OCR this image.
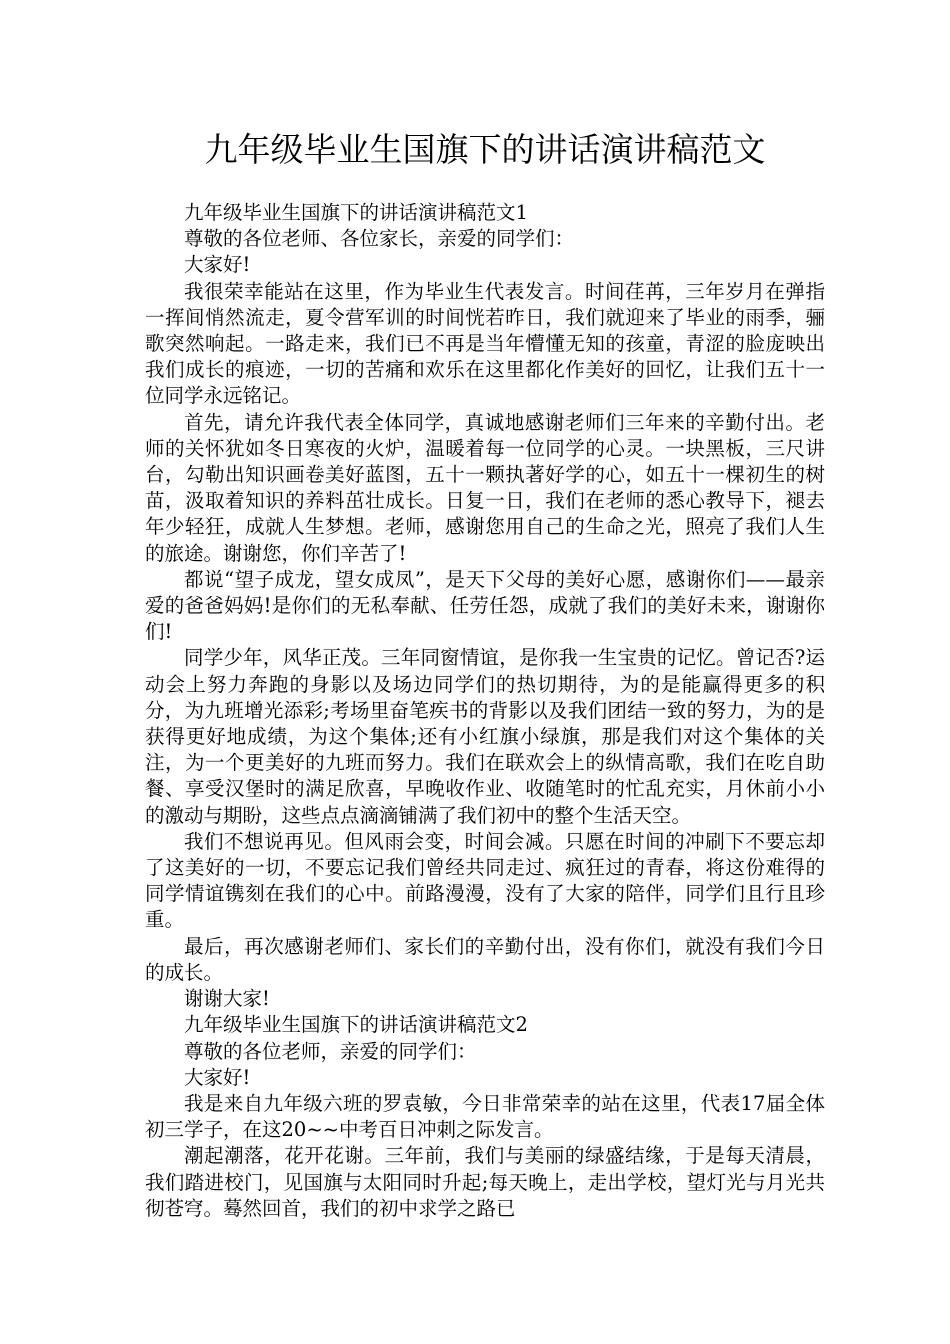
九年级毕业生国旗下的讲话演讲稿范文

九年级毕业生国旗下的讲话演讲稿范文1

尊敬的各位老师、各位家长，亲爱的同学们：

大家好!

我很荣幸能站在这里，作为毕业生代表发言。时间荏苒，三年岁月在弹指一挥间悄然流走，夏令营军训的时间恍若昨日，我们就迎来了毕业的雨季，骊歌突然响起。一路走来，我们已不再是当年懵懂无知的孩童，青涩的脸庞映出我们成长的痕迹，一切的苦痛和欢乐在这里都化作美好的回忆，让我们五十一位同学永远铭记。

首先，请允许我代表全体同学，真诚地感谢老师们三年来的辛勤付出。老师的关怀犹如冬日寒夜的火炉，温暖着每一位同学的心灵。一块黑板，三尺讲台，勾勒出知识画卷美好蓝图，五十一颗执著好学的心，如五十一棵初生的树苗，汲取着知识的养料茁壮成长。日复一日，我们在老师的悉心教导下，褪去年少轻狂，成就人生梦想。老师，感谢您用自己的生命之光，照亮了我们人生的旅途。谢谢您，你们辛苦了!

都说“望子成龙，望女成凤”，是天下父母的美好心愿，感谢你们——最亲爱的爸爸妈妈!是你们的无私奉献、任劳任怨，成就了我们的美好未来，谢谢你们!

同学少年，风华正茂。三年同窗情谊，是你我一生宝贵的记忆。曾记否?运动会上努力奔跑的身影以及场边同学们的热切期待，为的是能赢得更多的积分，为九班增光添彩;考场里奋笔疾书的背影以及我们团结一致的努力，为的是获得更好地成绩，为这个集体;还有小红旗小绿旗，那是我们对这个集体的关注，为一个更美好的九班而努力。我们在联欢会上的纵情高歌，我们在吃自助餐、享受汉堡时的满足欣喜，早晚收作业、收随笔时的忙乱充实，月休前小小的激动与期盼，这些点点滴滴铺满了我们初中的整个生活天空。

我们不想说再见。但风雨会变，时间会减。只愿在时间的冲刷下不要忘却了这美好的一切，不要忘记我们曾经共同走过、疯狂过的青春，将这份难得的同学情谊镌刻在我们的心中。前路漫漫，没有了大家的陪伴，同学们且行且珍重。

最后，再次感谢老师们、家长们的辛勤付出，没有你们，就没有我们今日的成长。

谢谢大家!

九年级毕业生国旗下的讲话演讲稿范文2

尊敬的各位老师，亲爱的同学们：

大家好!

我是来自九年级六班的罗袁敏，今日非常荣幸的站在这里，代表17届全体初三学子，在这20~~中考百日冲刺之际发言。

潮起潮落，花开花谢。三年前，我们与美丽的绿盛结缘，于是每天清晨，我们踏进校门，见国旗与太阳同时升起;每天晚上，走出学校，望灯光与月光共彻苍穹。蓦然回首，我们的初中求学之路已
